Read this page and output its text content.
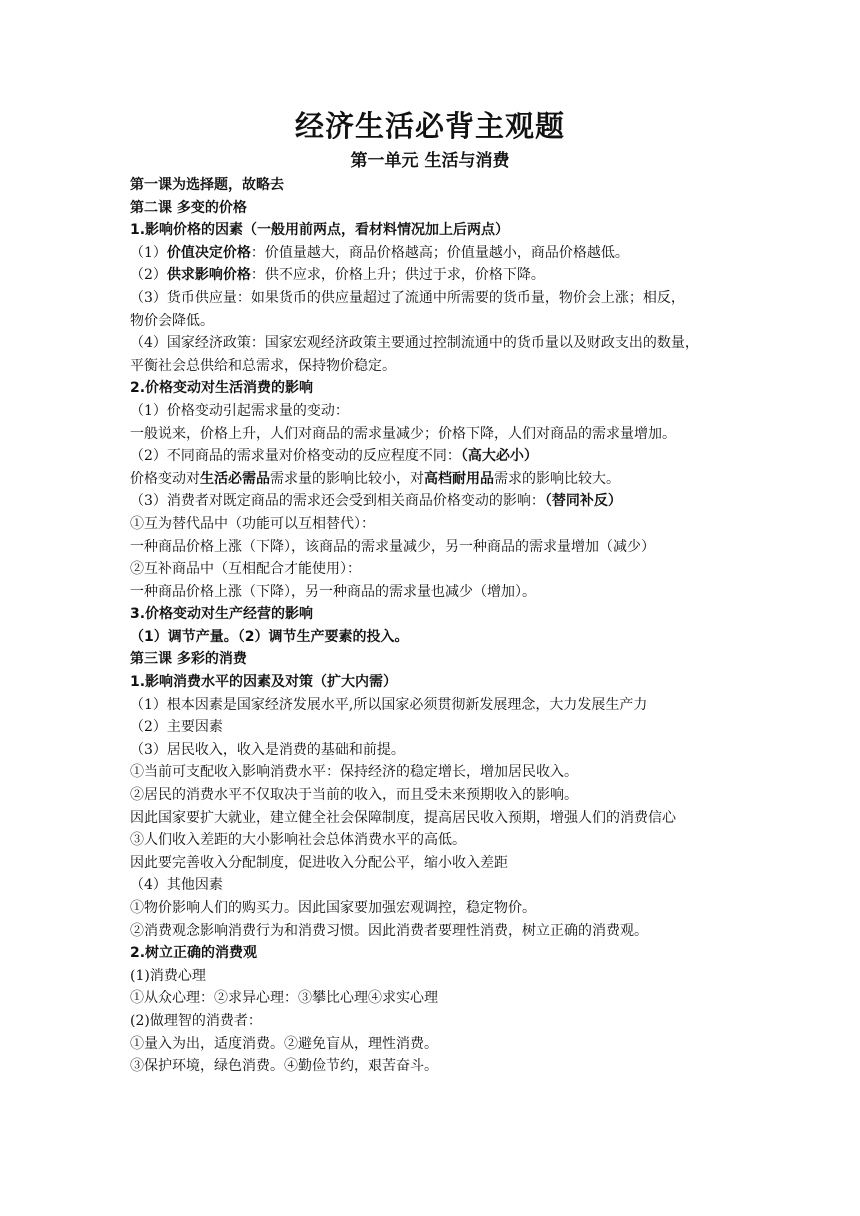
经济生活必背主观题
第一单元 生活与消费
第一课为选择题，故略去
第二课 多变的价格
1.影响价格的因素（一般用前两点，看材料情况加上后两点）
（1）价值决定价格：价值量越大，商品价格越高；价值量越小，商品价格越低。
（2）供求影响价格：供不应求，价格上升；供过于求，价格下降。
（3）货币供应量：如果货币的供应量超过了流通中所需要的货币量，物价会上涨；相反，
物价会降低。
（4）国家经济政策：国家宏观经济政策主要通过控制流通中的货币量以及财政支出的数量，
平衡社会总供给和总需求，保持物价稳定。
2.价格变动对生活消费的影响
（1）价格变动引起需求量的变动：
一般说来，价格上升，人们对商品的需求量减少；价格下降，人们对商品的需求量增加。
（2）不同商品的需求量对价格变动的反应程度不同：（高大必小）
价格变动对生活必需品需求量的影响比较小，对高档耐用品需求的影响比较大。
（3）消费者对既定商品的需求还会受到相关商品价格变动的影响：（替同补反）
①互为替代品中（功能可以互相替代）：
一种商品价格上涨（下降），该商品的需求量减少，另一种商品的需求量增加（减少）
②互补商品中（互相配合才能使用）：
一种商品价格上涨（下降），另一种商品的需求量也减少（增加）。
3.价格变动对生产经营的影响
（1）调节产量。（2）调节生产要素的投入。
第三课 多彩的消费
1.影响消费水平的因素及对策（扩大内需）
（1）根本因素是国家经济发展水平,所以国家必须贯彻新发展理念，大力发展生产力
（2）主要因素
（3）居民收入，收入是消费的基础和前提。
①当前可支配收入影响消费水平：保持经济的稳定增长，增加居民收入。
②居民的消费水平不仅取决于当前的收入，而且受未来预期收入的影响。
因此国家要扩大就业，建立健全社会保障制度，提高居民收入预期，增强人们的消费信心
③人们收入差距的大小影响社会总体消费水平的高低。
因此要完善收入分配制度，促进收入分配公平，缩小收入差距
（4）其他因素
①物价影响人们的购买力。因此国家要加强宏观调控，稳定物价。
②消费观念影响消费行为和消费习惯。因此消费者要理性消费，树立正确的消费观。
2.树立正确的消费观
(1)消费心理
①从众心理：②求异心理：③攀比心理④求实心理
(2)做理智的消费者：
①量入为出，适度消费。②避免盲从，理性消费。
③保护环境，绿色消费。④勤俭节约，艰苦奋斗。
